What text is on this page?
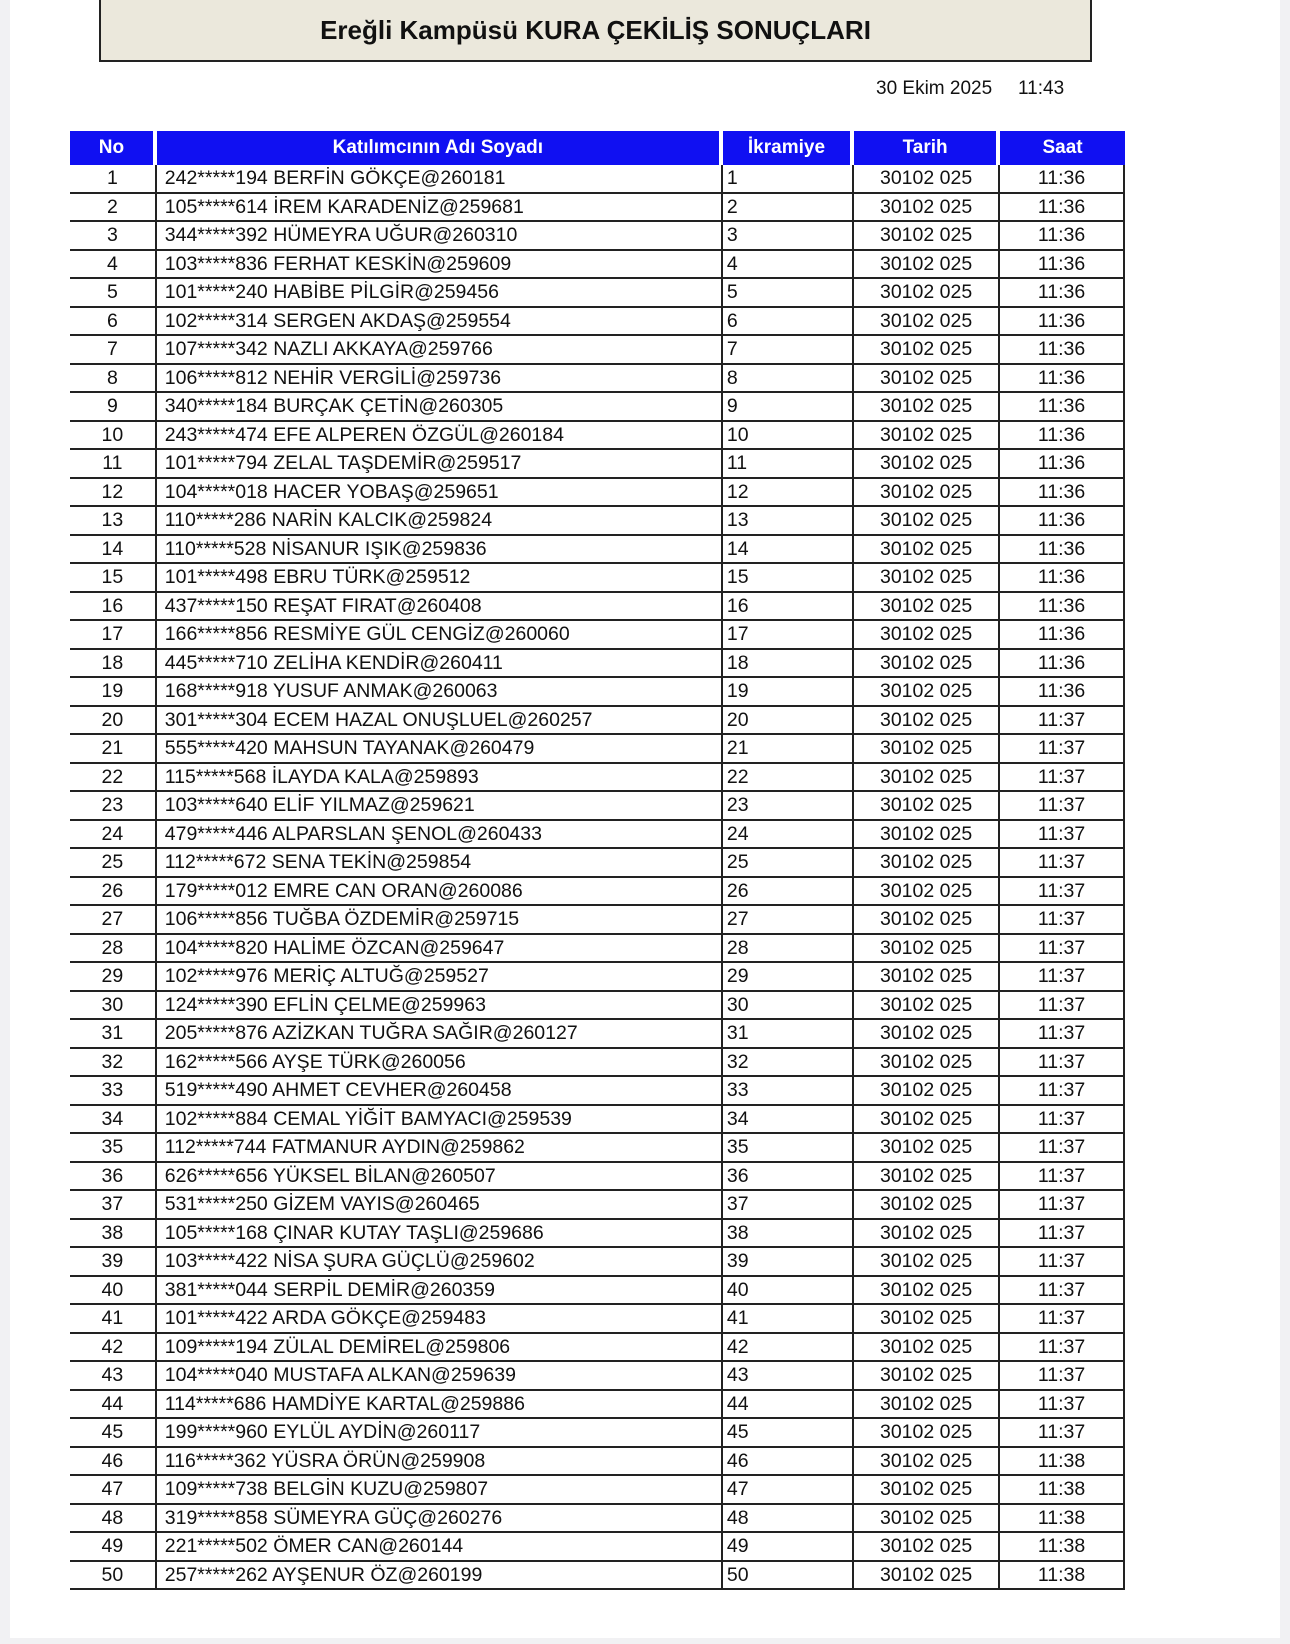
Ereğli Kampüsü KURA ÇEKİLİŞ SONUÇLARI
30 Ekim 2025 11:43
No	Katılımcının Adı Soyadı	İkramiye	Tarih	Saat
1	242*****194 BERFİN GÖKÇE@260181	1	30102 025	11:36
2	105*****614 İREM KARADENİZ@259681	2	30102 025	11:36
3	344*****392 HÜMEYRA UĞUR@260310	3	30102 025	11:36
4	103*****836 FERHAT KESKİN@259609	4	30102 025	11:36
5	101*****240 HABİBE PİLGİR@259456	5	30102 025	11:36
6	102*****314 SERGEN AKDAŞ@259554	6	30102 025	11:36
7	107*****342 NAZLI AKKAYA@259766	7	30102 025	11:36
8	106*****812 NEHİR VERGİLİ@259736	8	30102 025	11:36
9	340*****184 BURÇAK ÇETİN@260305	9	30102 025	11:36
10	243*****474 EFE ALPEREN ÖZGÜL@260184	10	30102 025	11:36
11	101*****794 ZELAL TAŞDEMİR@259517	11	30102 025	11:36
12	104*****018 HACER YOBAŞ@259651	12	30102 025	11:36
13	110*****286 NARİN KALCIK@259824	13	30102 025	11:36
14	110*****528 NİSANUR IŞIK@259836	14	30102 025	11:36
15	101*****498 EBRU TÜRK@259512	15	30102 025	11:36
16	437*****150 REŞAT FIRAT@260408	16	30102 025	11:36
17	166*****856 RESMİYE GÜL CENGİZ@260060	17	30102 025	11:36
18	445*****710 ZELİHA KENDİR@260411	18	30102 025	11:36
19	168*****918 YUSUF ANMAK@260063	19	30102 025	11:36
20	301*****304 ECEM HAZAL ONUŞLUEL@260257	20	30102 025	11:37
21	555*****420 MAHSUN TAYANAK@260479	21	30102 025	11:37
22	115*****568 İLAYDA KALA@259893	22	30102 025	11:37
23	103*****640 ELİF YILMAZ@259621	23	30102 025	11:37
24	479*****446 ALPARSLAN ŞENOL@260433	24	30102 025	11:37
25	112*****672 SENA TEKİN@259854	25	30102 025	11:37
26	179*****012 EMRE CAN ORAN@260086	26	30102 025	11:37
27	106*****856 TUĞBA ÖZDEMİR@259715	27	30102 025	11:37
28	104*****820 HALİME ÖZCAN@259647	28	30102 025	11:37
29	102*****976 MERİÇ ALTUĞ@259527	29	30102 025	11:37
30	124*****390 EFLİN ÇELME@259963	30	30102 025	11:37
31	205*****876 AZİZKAN TUĞRA SAĞIR@260127	31	30102 025	11:37
32	162*****566 AYŞE TÜRK@260056	32	30102 025	11:37
33	519*****490 AHMET CEVHER@260458	33	30102 025	11:37
34	102*****884 CEMAL YİĞİT BAMYACI@259539	34	30102 025	11:37
35	112*****744 FATMANUR AYDIN@259862	35	30102 025	11:37
36	626*****656 YÜKSEL BİLAN@260507	36	30102 025	11:37
37	531*****250 GİZEM VAYIS@260465	37	30102 025	11:37
38	105*****168 ÇINAR KUTAY TAŞLI@259686	38	30102 025	11:37
39	103*****422 NİSA ŞURA GÜÇLÜ@259602	39	30102 025	11:37
40	381*****044 SERPİL DEMİR@260359	40	30102 025	11:37
41	101*****422 ARDA GÖKÇE@259483	41	30102 025	11:37
42	109*****194 ZÜLAL DEMİREL@259806	42	30102 025	11:37
43	104*****040 MUSTAFA ALKAN@259639	43	30102 025	11:37
44	114*****686 HAMDİYE KARTAL@259886	44	30102 025	11:37
45	199*****960 EYLÜL AYDİN@260117	45	30102 025	11:37
46	116*****362 YÜSRA ÖRÜN@259908	46	30102 025	11:38
47	109*****738 BELGİN KUZU@259807	47	30102 025	11:38
48	319*****858 SÜMEYRA GÜÇ@260276	48	30102 025	11:38
49	221*****502 ÖMER CAN@260144	49	30102 025	11:38
50	257*****262 AYŞENUR ÖZ@260199	50	30102 025	11:38
